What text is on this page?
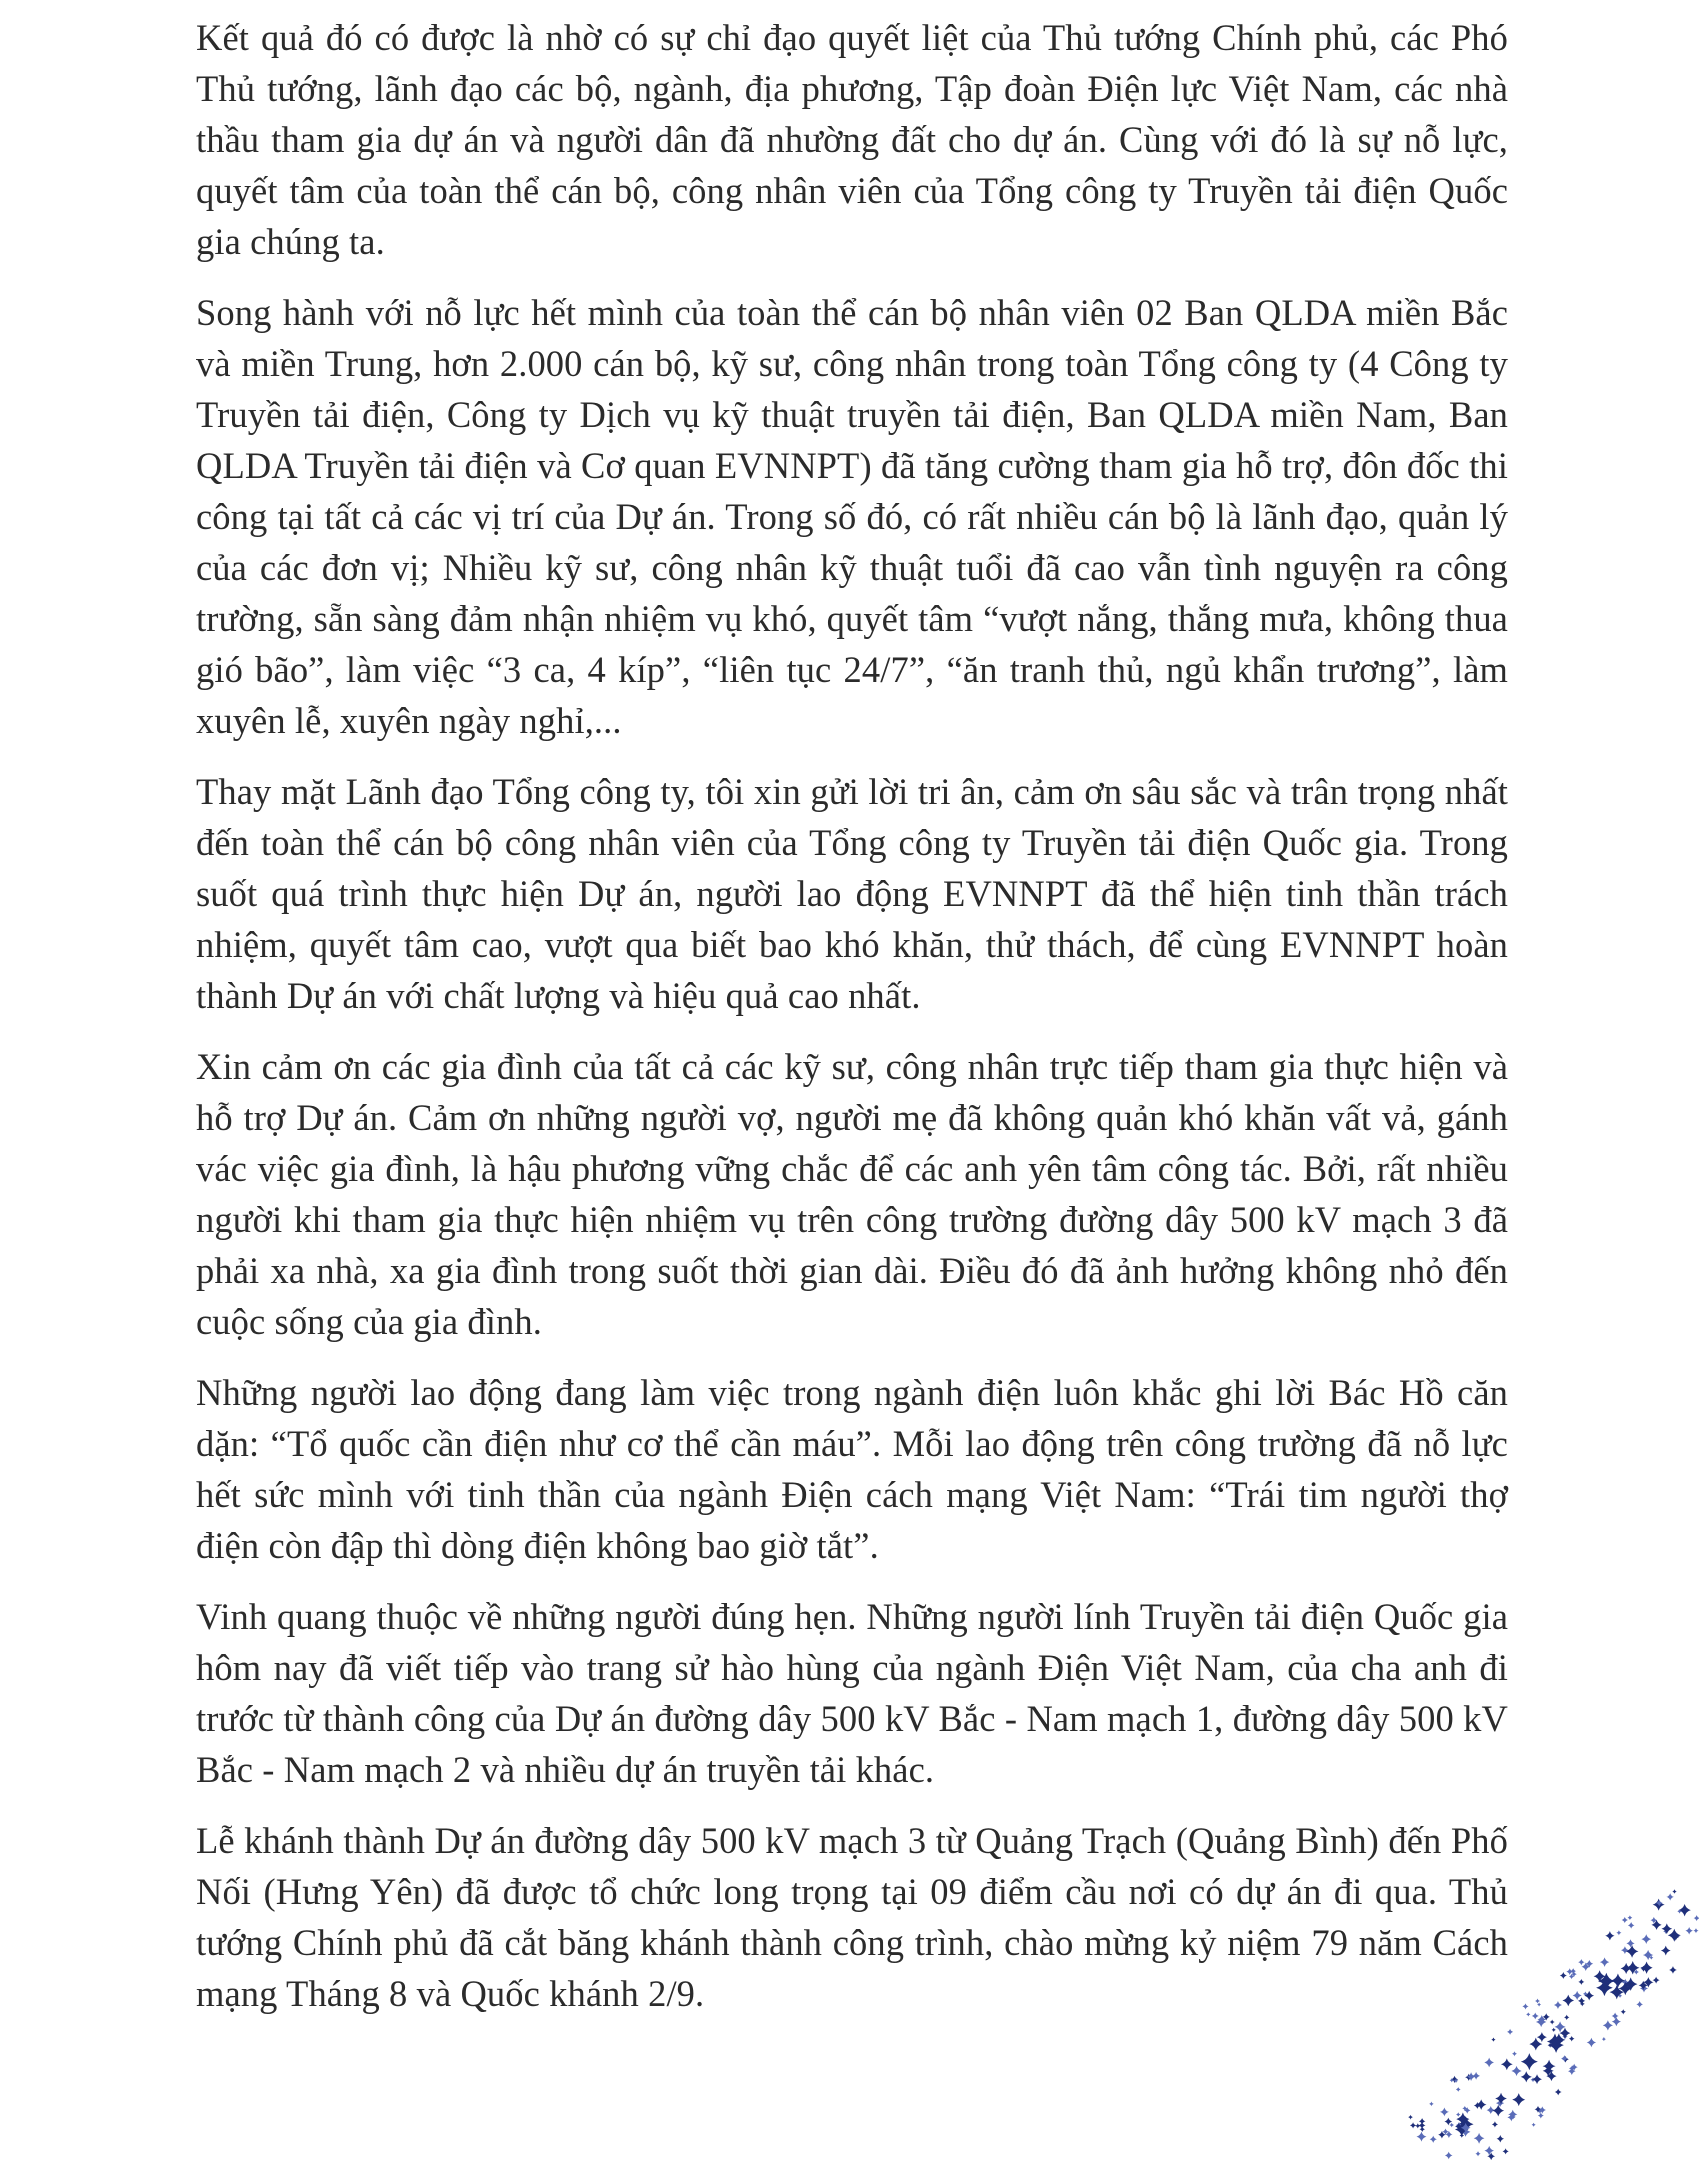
Kết quả đó có được là nhờ có sự chỉ đạo quyết liệt của Thủ tướng Chính phủ, các Phó Thủ tướng, lãnh đạo các bộ, ngành, địa phương, Tập đoàn Điện lực Việt Nam, các nhà thầu tham gia dự án và người dân đã nhường đất cho dự án. Cùng với đó là sự nỗ lực, quyết tâm của toàn thể cán bộ, công nhân viên của Tổng công ty Truyền tải điện Quốc gia chúng ta.

Song hành với nỗ lực hết mình của toàn thể cán bộ nhân viên 02 Ban QLDA miền Bắc và miền Trung, hơn 2.000 cán bộ, kỹ sư, công nhân trong toàn Tổng công ty (4 Công ty Truyền tải điện, Công ty Dịch vụ kỹ thuật truyền tải điện, Ban QLDA miền Nam, Ban QLDA Truyền tải điện và Cơ quan EVNNPT) đã tăng cường tham gia hỗ trợ, đôn đốc thi công tại tất cả các vị trí của Dự án. Trong số đó, có rất nhiều cán bộ là lãnh đạo, quản lý của các đơn vị; Nhiều kỹ sư, công nhân kỹ thuật tuổi đã cao vẫn tình nguyện ra công trường, sẵn sàng đảm nhận nhiệm vụ khó, quyết tâm “vượt nắng, thắng mưa, không thua gió bão”, làm việc “3 ca, 4 kíp”, “liên tục 24/7”, “ăn tranh thủ, ngủ khẩn trương”, làm xuyên lễ, xuyên ngày nghỉ,...

Thay mặt Lãnh đạo Tổng công ty, tôi xin gửi lời tri ân, cảm ơn sâu sắc và trân trọng nhất đến toàn thể cán bộ công nhân viên của Tổng công ty Truyền tải điện Quốc gia. Trong suốt quá trình thực hiện Dự án, người lao động EVNNPT đã thể hiện tinh thần trách nhiệm, quyết tâm cao, vượt qua biết bao khó khăn, thử thách, để cùng EVNNPT hoàn thành Dự án với chất lượng và hiệu quả cao nhất.

Xin cảm ơn các gia đình của tất cả các kỹ sư, công nhân trực tiếp tham gia thực hiện và hỗ trợ Dự án. Cảm ơn những người vợ, người mẹ đã không quản khó khăn vất vả, gánh vác việc gia đình, là hậu phương vững chắc để các anh yên tâm công tác. Bởi, rất nhiều người khi tham gia thực hiện nhiệm vụ trên công trường đường dây 500 kV mạch 3 đã phải xa nhà, xa gia đình trong suốt thời gian dài. Điều đó đã ảnh hưởng không nhỏ đến cuộc sống của gia đình.

Những người lao động đang làm việc trong ngành điện luôn khắc ghi lời Bác Hồ căn dặn: “Tổ quốc cần điện như cơ thể cần máu”. Mỗi lao động trên công trường đã nỗ lực hết sức mình với tinh thần của ngành Điện cách mạng Việt Nam: “Trái tim người thợ điện còn đập thì dòng điện không bao giờ tắt”.

Vinh quang thuộc về những người đúng hẹn. Những người lính Truyền tải điện Quốc gia hôm nay đã viết tiếp vào trang sử hào hùng của ngành Điện Việt Nam, của cha anh đi trước từ thành công của Dự án đường dây 500 kV Bắc - Nam mạch 1, đường dây 500 kV Bắc - Nam mạch 2 và nhiều dự án truyền tải khác.

Lễ khánh thành Dự án đường dây 500 kV mạch 3 từ Quảng Trạch (Quảng Bình) đến Phố Nối (Hưng Yên) đã được tổ chức long trọng tại 09 điểm cầu nơi có dự án đi qua. Thủ tướng Chính phủ đã cắt băng khánh thành công trình, chào mừng kỷ niệm 79 năm Cách mạng Tháng 8 và Quốc khánh 2/9.
